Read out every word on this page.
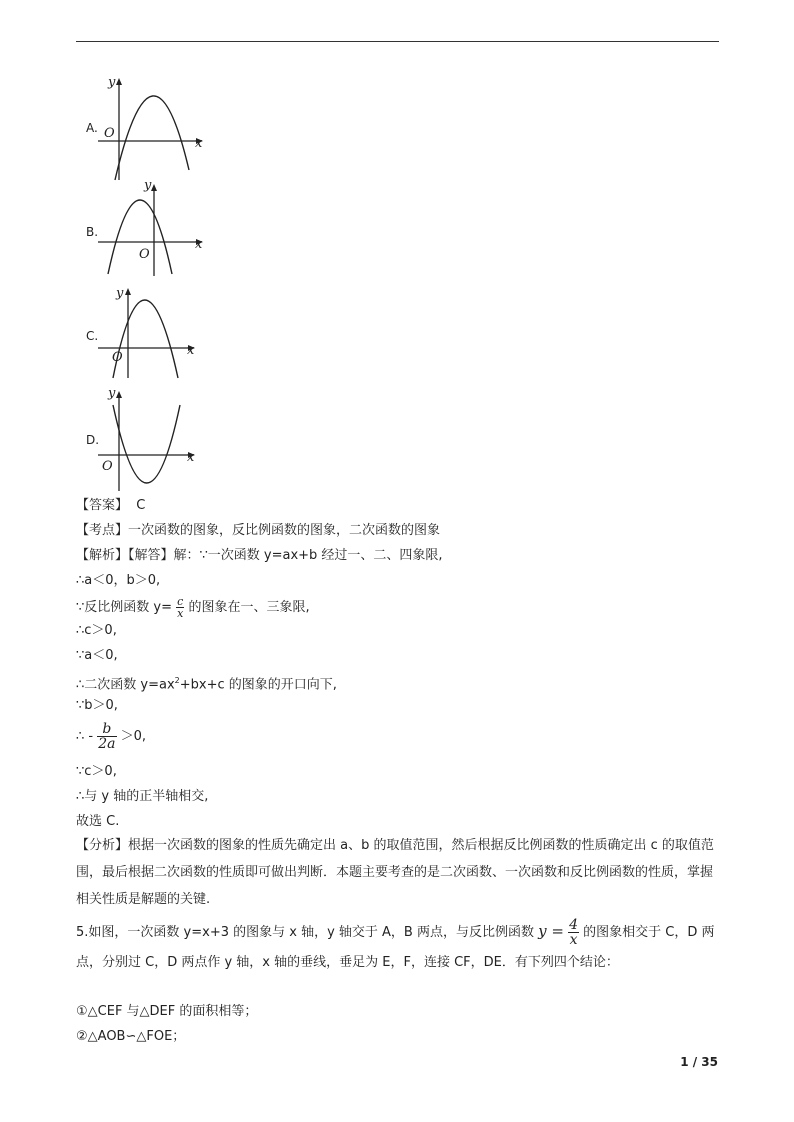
A.
y
x
O
B.
y
x
O
C.
y
x
O
D.
y
x
O
【答案】 C
【考点】一次函数的图象，反比例函数的图象，二次函数的图象
【解析】【解答】解：∵一次函数 y=ax+b 经过一、二、四象限,
∴a＜0，b＞0,
∵反比例函数 $y= \frac{c}{x}$ 的图象在一、三象限,
∴c＞0,
∵a＜0,
∴二次函数 $y=ax^2+bx+c$ 的图象的开口向下,
∵b＞0,
∴ - $\frac{b}{2a} >0$,
∵c＞0,
∴与 y 轴的正半轴相交,
故选 C.
【分析】根据一次函数的图象的性质先确定出 a、b 的取值范围，然后根据反比例函数的性质确定出 c 的取值范围，最后根据二次函数的性质即可做出判断．本题主要考查的是二次函数、一次函数和反比例函数的性质，掌握相关性质是解题的关键.
5.如图，一次函数 y=x+3 的图象与 x 轴，y 轴交于 A，B 两点，与反比例函数 $y = \frac{4}{x}$ 的图象相交于 C，D 两点，分别过 C，D 两点作 y 轴，x 轴的垂线，垂足为 E，F，连接 CF，DE．有下列四个结论：
①△CEF 与△DEF 的面积相等；
②△AOB∽△FOE；
1 / 35
